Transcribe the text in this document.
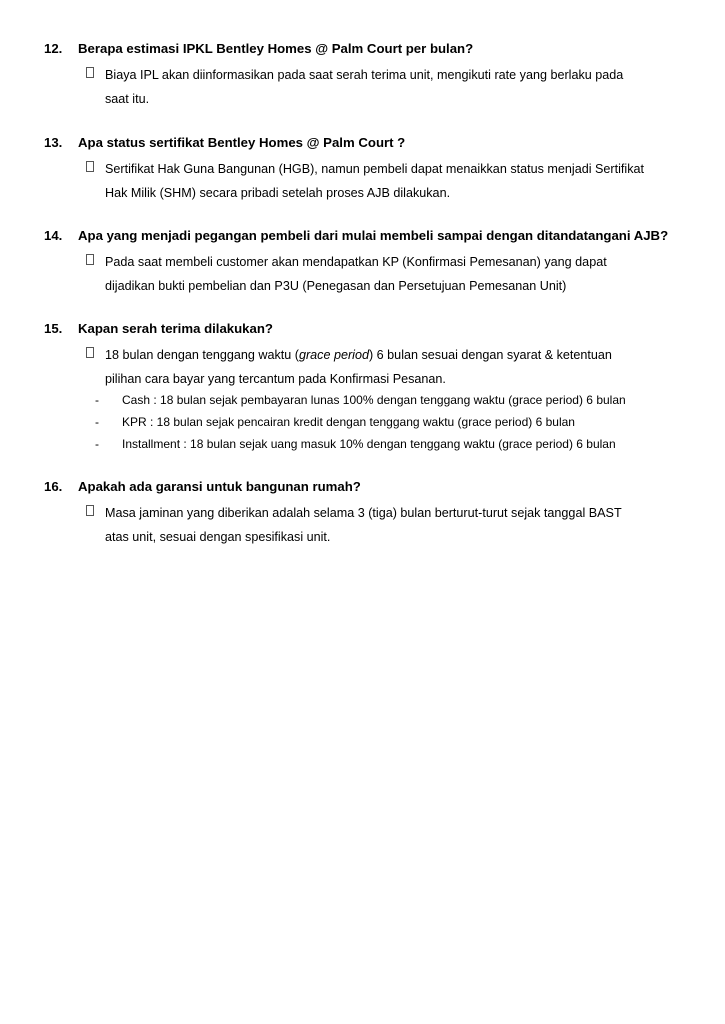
12. Berapa estimasi IPKL Bentley Homes @ Palm Court per bulan?
Biaya IPL akan diinformasikan pada saat serah terima unit, mengikuti rate yang berlaku pada
saat itu.
13. Apa status sertifikat Bentley Homes @ Palm Court ?
Sertifikat Hak Guna Bangunan (HGB), namun pembeli dapat menaikkan status menjadi Sertifikat
Hak Milik (SHM) secara pribadi setelah proses AJB dilakukan.
14. Apa yang menjadi pegangan pembeli dari mulai membeli sampai dengan ditandatangani AJB?
Pada saat membeli customer akan mendapatkan KP (Konfirmasi Pemesanan) yang dapat
dijadikan bukti pembelian dan P3U (Penegasan dan Persetujuan Pemesanan Unit)
15. Kapan serah terima dilakukan?
18 bulan dengan tenggang waktu (grace period) 6 bulan sesuai dengan syarat & ketentuan
pilihan cara bayar yang tercantum pada Konfirmasi Pesanan.
- Cash : 18 bulan sejak pembayaran lunas 100% dengan tenggang waktu (grace period) 6 bulan
- KPR : 18 bulan sejak pencairan kredit dengan tenggang waktu (grace period) 6 bulan
- Installment : 18 bulan sejak uang masuk 10% dengan tenggang waktu (grace period) 6 bulan
16. Apakah ada garansi untuk bangunan rumah?
Masa jaminan yang diberikan adalah selama 3 (tiga) bulan berturut-turut sejak tanggal BAST
atas unit, sesuai dengan spesifikasi unit.
